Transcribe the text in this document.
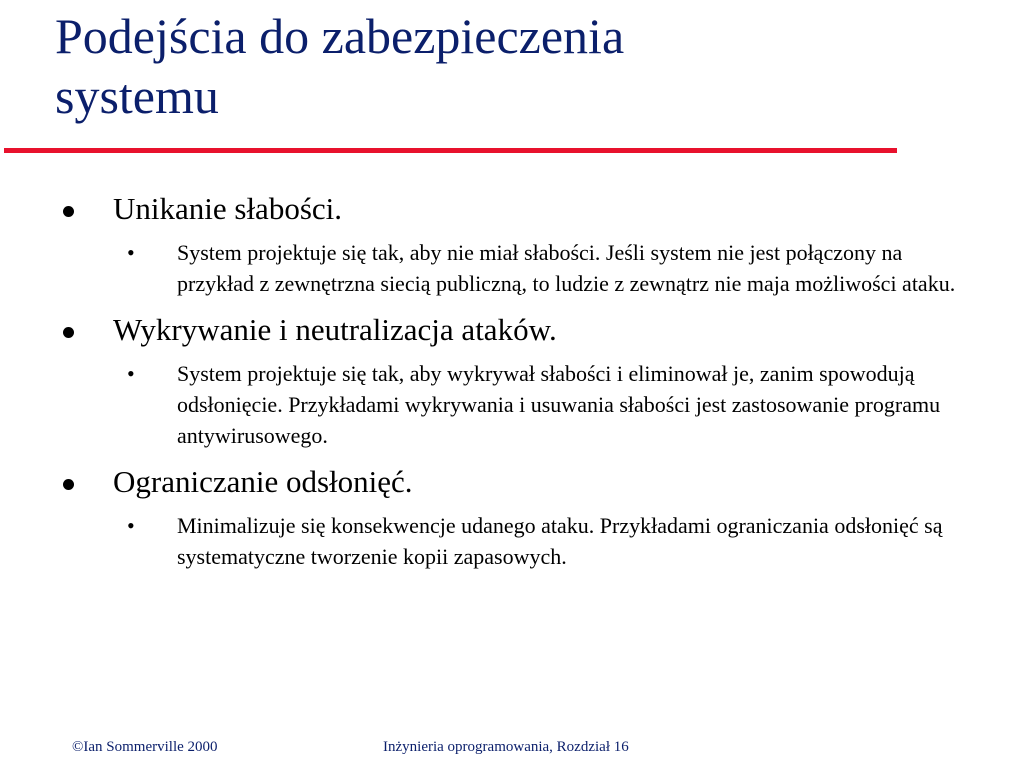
Podejścia do zabezpieczenia
systemu
Unikanie słabości.
• System projektuje się tak, aby nie miał słabości. Jeśli system nie jest połączony na przykład z zewnętrzna siecią publiczną, to ludzie z zewnątrz nie maja możliwości ataku.
Wykrywanie i neutralizacja ataków.
• System projektuje się tak, aby wykrywał słabości i eliminował je, zanim spowodują odsłonięcie. Przykładami wykrywania i usuwania słabości jest zastosowanie programu antywirusowego.
Ograniczanie odsłonięć.
• Minimalizuje się konsekwencje udanego ataku. Przykładami ograniczania odsłonięć są systematyczne tworzenie kopii zapasowych.
©Ian Sommerville 2000	Inżynieria oprogramowania, Rozdział 16
